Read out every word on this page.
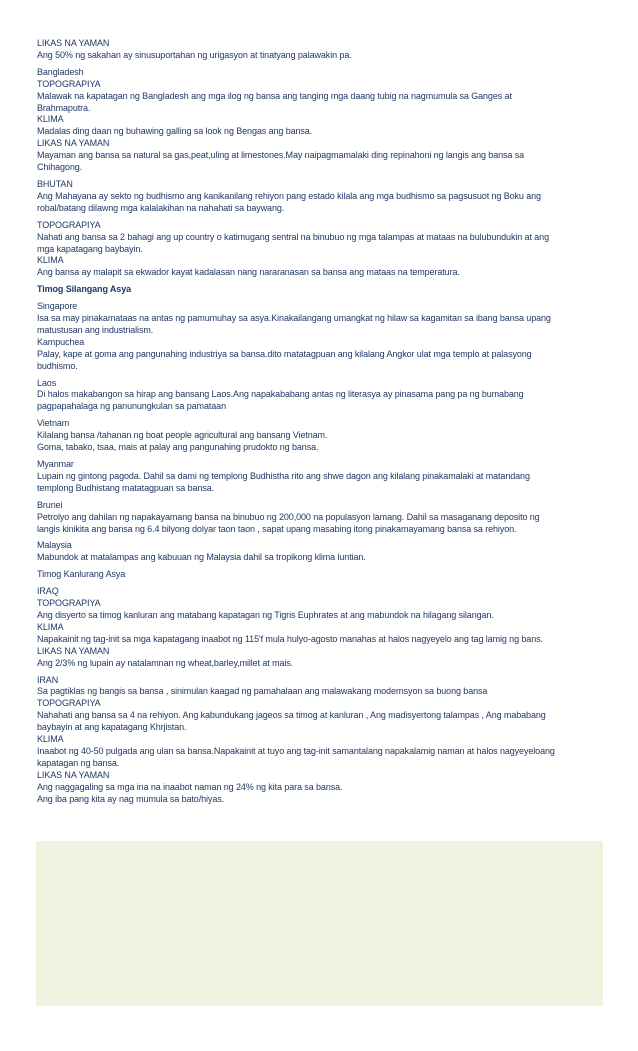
LIKAS NA YAMAN
Ang 50% ng sakahan ay sinusuportahan ng urigasyon at tinatyang palawakin pa.
Bangladesh
TOPOGRAPIYA
Malawak na kapatagan ng Bangladesh ang mga ilog ng bansa ang tanging mga daang tubig na nagmumula sa Ganges at
Brahmaputra.
KLIMA
Madalas ding daan ng buhawing galling sa look ng Bengas ang bansa.
LIKAS NA YAMAN
Mayaman ang bansa sa natural sa gas,peat,uling at limestones.May naipagmamalaki ding repinahoni ng langis ang bansa sa
Chihagong.
BHUTAN
Ang Mahayana ay sekto ng budhismo ang kanikanilang rehiyon pang estado kilala ang mga budhismo sa pagsusuot ng Boku ang
robal/batang dilawng mga kalalakihan na nahahati sa baywang.
TOPOGRAPIYA
Nahati ang bansa sa 2 bahagi ang up country o katimugang sentral na binubuo ng mga talampas at mataas na bulubundukin at ang
mga kapatagang baybayin.
KLIMA
Ang bansa ay malapit sa ekwador kayat kadalasan nang nararanasan sa bansa ang mataas na temperatura.
Timog Silangang Asya
Singapore
Isa sa may pinakamataas na antas ng pamumuhay sa asya.Kinakailangang umangkat ng hilaw sa kagamitan sa ibang bansa upang
matustusan ang industrialism.
Kampuchea
Palay, kape at goma ang pangunahing industriya sa bansa.dito matatagpuan ang kilalang Angkor ulat mga templo at palasyong
budhismo.
Laos
Di halos makabangon sa hirap ang bansang Laos.Ang napakababang antas ng literasya ay pinasama pang pa ng bumabang
pagpapahalaga ng panunungkulan sa pamataan
Vietnam
Kilalang bansa /tahanan ng boat people agricultural ang bansang Vietnam.
Goma, tabako, tsaa, mais at palay ang pangunahing prudokto ng bansa.
Myanmar
Lupain ng gintong pagoda. Dahil sa dami ng templong Budhistha rito ang shwe dagon ang kilalang pinakamalaki at matandang
templong Budhistang matatagpuan sa bansa.
Brunei
Petrolyo ang dahilan ng napakayamang bansa na binubuo ng 200,000 na populasyon lamang. Dahil sa masaganang deposito ng
langis kinikita ang bansa ng 6.4 bilyong dolyar taon taon , sapat upang masabing itong pinakamayamang bansa sa rehiyon.
Malaysia
Mabundok at matalampas ang kabuuan ng Malaysia dahil sa tropikong klima luntian.
Timog Kanlurang Asya
IRAQ
TOPOGRAPIYA
Ang disyerto sa timog kanluran ang matabang kapatagan ng Tigris Euphrates at ang mabundok na hilagang silangan.
KLIMA
Napakainit ng tag-init sa mga kapatagang inaabot ng 115'f mula hulyo-agosto manahas at halos nagyeyelo ang tag lamig ng bans.
LIKAS NA YAMAN
Ang 2/3% ng lupain ay natalamnan ng wheat,barley,millet at mais.
IRAN
Sa pagtiklas ng bangis sa bansa , sinimulan kaagad ng pamahalaan ang malawakang modernsyon sa buong bansa
TOPOGRAPIYA
Nahahati ang bansa sa 4 na rehiyon. Ang kabundukang jageos sa timog at kanluran , Ang madisyertong talampas , Ang mababang
baybayin at ang kapatagang Khrjistan.
KLIMA
Inaabot ng 40-50 pulgada ang ulan sa bansa.Napakainit at tuyo ang tag-init samantalang napakalamig naman at halos nagyeyeloang
kapatagan ng bansa.
LIKAS NA YAMAN
Ang naggagaling sa mga ina na inaabot naman ng 24% ng kita para sa bansa.
Ang iba pang kita ay nag mumula sa bato/hiyas.
